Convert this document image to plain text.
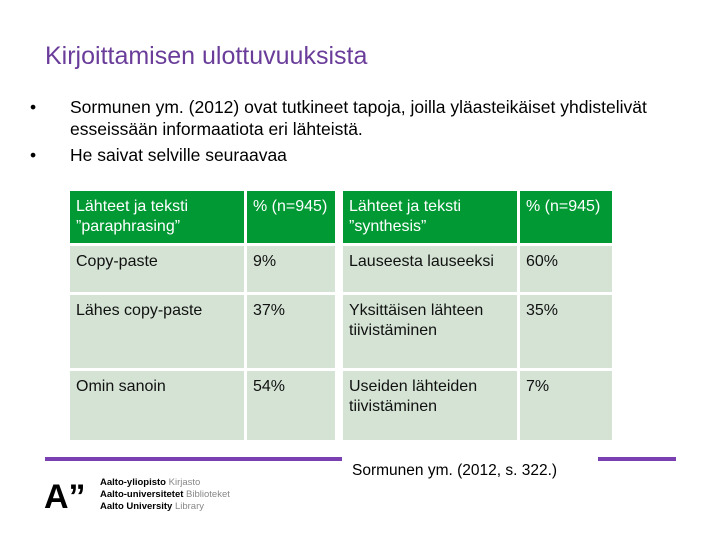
Kirjoittamisen ulottuvuuksista
•	Sormunen ym. (2012) ovat tutkineet tapoja, joilla yläasteikäiset yhdistelivät esseissään informaatiota eri lähteistä.
•	He saivat selville seuraavaa
Lähteet ja teksti ”paraphrasing”	% (n=945)
Copy-paste	9%
Lähes copy-paste	37%
Omin sanoin	54%
Lähteet ja teksti ”synthesis”	% (n=945)
Lauseesta lauseeksi	60%
Yksittäisen lähteen tiivistäminen	35%
Useiden lähteiden tiivistäminen	7%
Sormunen ym. (2012, s. 322.)
A” Aalto-yliopisto Kirjasto
Aalto-universitetet Biblioteket
Aalto University Library
